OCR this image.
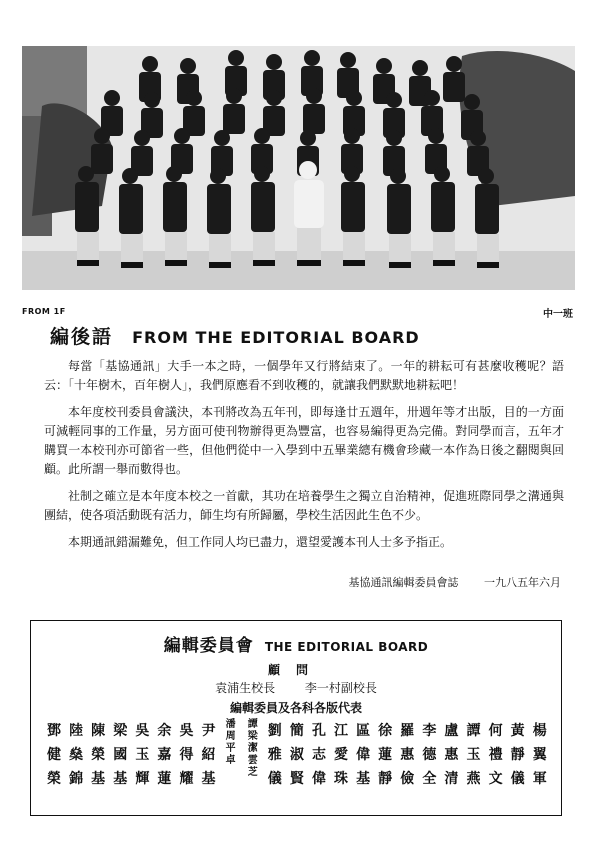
FROM 1F	中一班
編後語 FROM THE EDITORIAL BOARD

每當「基協通訊」大手一本之時，一個學年又行將結束了。一年的耕耘可有甚麼收穫呢？語云：「十年樹木，百年樹人」，我們原應看不到收穫的，就讓我們默默地耕耘吧！

本年度校刊委員會議決，本刊將改為五年刊，即每逢廿五週年，卅週年等才出版，目的一方面可減輕同事的工作量，另方面可使刊物辦得更為豐富，也容易編得更為完備。對同學而言，五年才購買一本校刊亦可節省一些，但他們從中一入學到中五畢業總有機會珍藏一本作為日後之翻閱與回顧。此所謂一舉而數得也。

社制之確立是本年度本校之一首獻，其功在培養學生之獨立自治精神，促進班際同學之溝通與團結，使各項活動既有活力，師生均有所歸屬，學校生活因此生色不少。

本期通訊錯漏難免，但工作同人均已盡力，還望愛護本刊人士多予指正。

基協通訊編輯委員會誌 一九八五年六月
編輯委員會 THE EDITORIAL BOARD
顧問
袁浦生校長 李一村副校長
編輯委員及各科各版代表
鄧
健
榮
陸
燊
錦
陳
榮
基
梁
國
基
吳
玉
輝
余
嘉
蓮
吳
得
耀
尹
紹
基
潘
周
平
卓
譚
梁
潔
雲
芝
劉
雅
儀
簡
淑
賢
孔
志
偉
江
愛
珠
區
偉
基
徐
蓮
靜
羅
惠
儉
李
德
全
盧
惠
清
譚
玉
燕
何
禮
文
黃
靜
儀
楊
翼
軍
